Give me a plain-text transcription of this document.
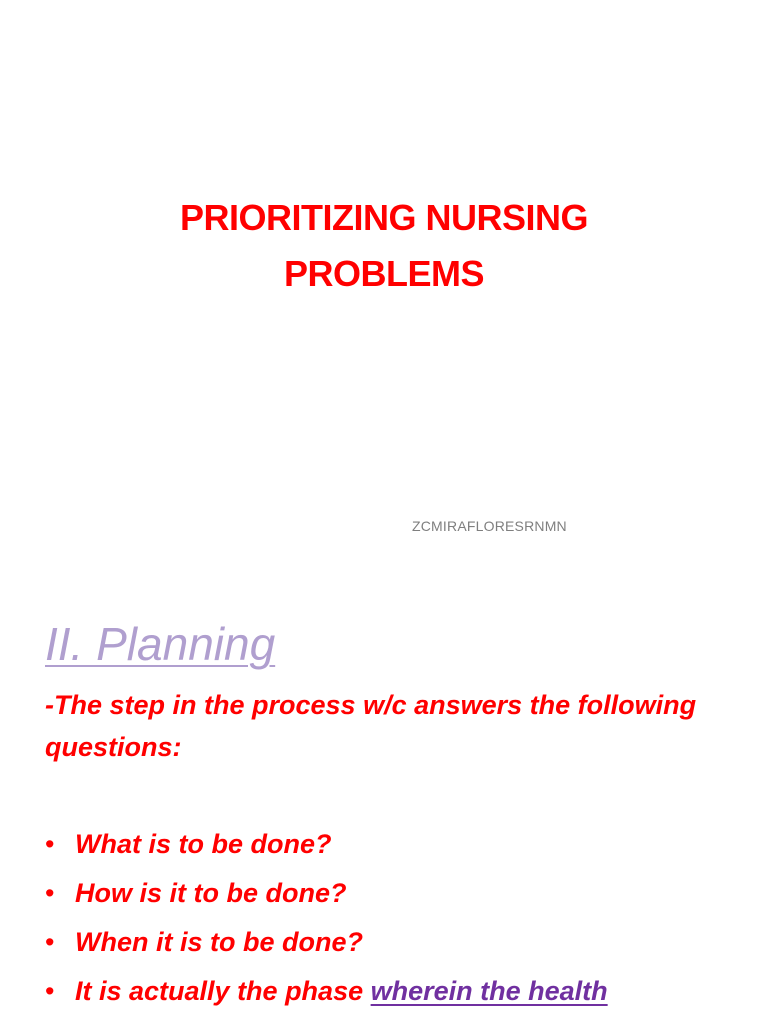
PRIORITIZING NURSING
PROBLEMS
ZCMIRAFLORESRNMN
II. Planning
-The step in the process w/c answers the following questions:
• What is to be done?
• How is it to be done?
• When it is to be done?
• It is actually the phase wherein the health
